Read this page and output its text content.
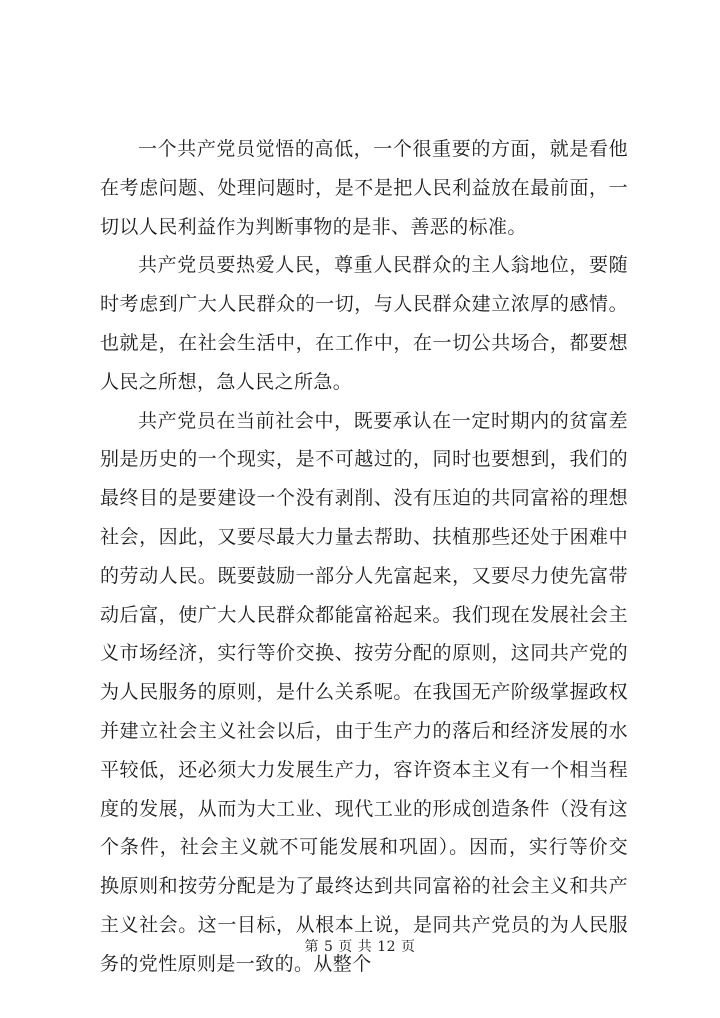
一个共产党员觉悟的高低，一个很重要的方面，就是看他在考虑问题、处理问题时，是不是把人民利益放在最前面，一切以人民利益作为判断事物的是非、善恶的标准。

共产党员要热爱人民，尊重人民群众的主人翁地位，要随时考虑到广大人民群众的一切，与人民群众建立浓厚的感情。也就是，在社会生活中，在工作中，在一切公共场合，都要想人民之所想，急人民之所急。

共产党员在当前社会中，既要承认在一定时期内的贫富差别是历史的一个现实，是不可越过的，同时也要想到，我们的最终目的是要建设一个没有剥削、没有压迫的共同富裕的理想社会，因此，又要尽最大力量去帮助、扶植那些还处于困难中的劳动人民。既要鼓励一部分人先富起来，又要尽力使先富带动后富，使广大人民群众都能富裕起来。我们现在发展社会主义市场经济，实行等价交换、按劳分配的原则，这同共产党的为人民服务的原则，是什么关系呢。在我国无产阶级掌握政权并建立社会主义社会以后，由于生产力的落后和经济发展的水平较低，还必须大力发展生产力，容许资本主义有一个相当程度的发展，从而为大工业、现代工业的形成创造条件（没有这个条件，社会主义就不可能发展和巩固）。因而，实行等价交换原则和按劳分配是为了最终达到共同富裕的社会主义和共产主义社会。这一目标，从根本上说，是同共产党员的为人民服务的党性原则是一致的。从整个

第 5 页 共 12 页
